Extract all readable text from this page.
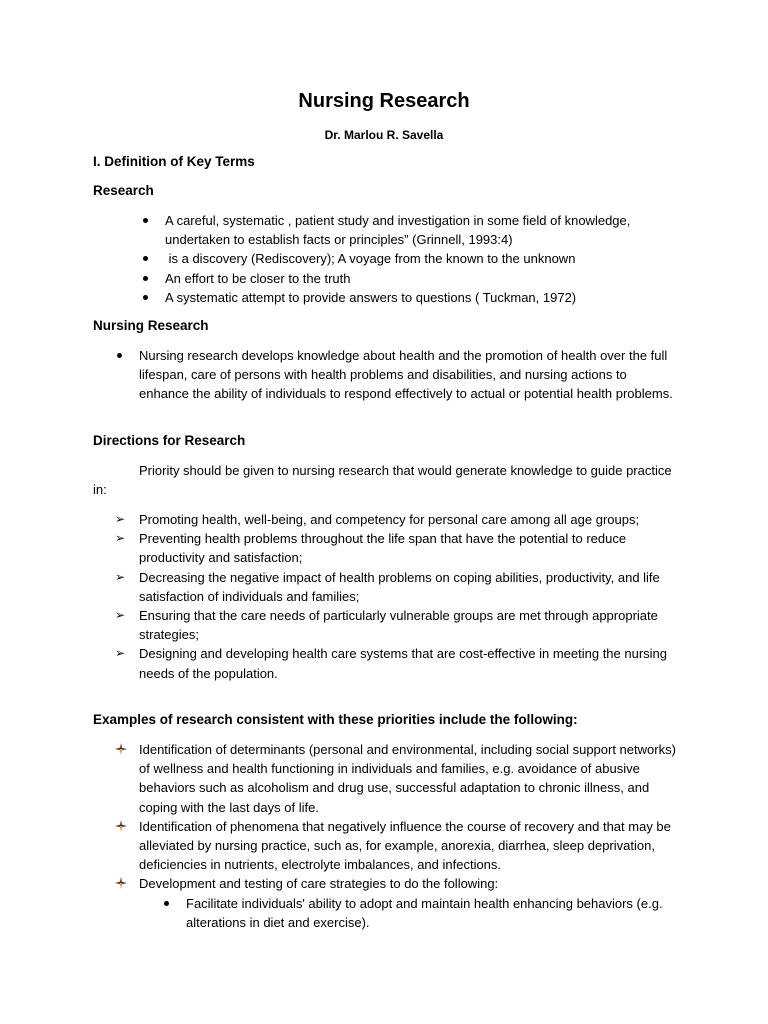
Nursing Research
Dr. Marlou R. Savella
I. Definition of Key Terms
Research
A careful, systematic , patient study and investigation in some field of knowledge, undertaken to establish facts or principles” (Grinnell, 1993:4)
is a discovery (Rediscovery); A voyage from the known to the unknown
An effort to be closer to the truth
A systematic attempt to provide answers to questions ( Tuckman, 1972)
Nursing Research
Nursing research develops knowledge about health and the promotion of health over the full lifespan, care of persons with health problems and disabilities, and nursing actions to enhance the ability of individuals to respond effectively to actual or potential health problems.
Directions for Research
Priority should be given to nursing research that would generate knowledge to guide practice in:
➢ Promoting health, well-being, and competency for personal care among all age groups;
➢ Preventing health problems throughout the life span that have the potential to reduce productivity and satisfaction;
➢ Decreasing the negative impact of health problems on coping abilities, productivity, and life satisfaction of individuals and families;
➢ Ensuring that the care needs of particularly vulnerable groups are met through appropriate strategies;
➢ Designing and developing health care systems that are cost-effective in meeting the nursing needs of the population.
Examples of research consistent with these priorities include the following:
Identification of determinants (personal and environmental, including social support networks) of wellness and health functioning in individuals and families, e.g. avoidance of abusive behaviors such as alcoholism and drug use, successful adaptation to chronic illness, and coping with the last days of life.
Identification of phenomena that negatively influence the course of recovery and that may be alleviated by nursing practice, such as, for example, anorexia, diarrhea, sleep deprivation, deficiencies in nutrients, electrolyte imbalances, and infections.
Development and testing of care strategies to do the following:
Facilitate individuals' ability to adopt and maintain health enhancing behaviors (e.g. alterations in diet and exercise).
